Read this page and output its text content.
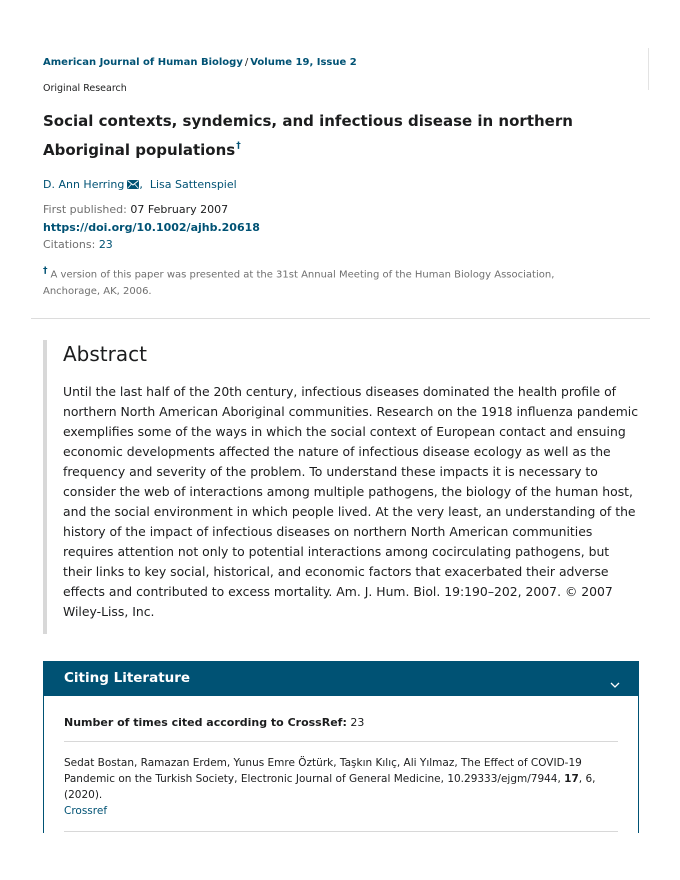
American Journal of Human Biology / Volume 19, Issue 2
Original Research
Social contexts, syndemics, and infectious disease in northern Aboriginal populations†
D. Ann Herring , Lisa Sattenspiel
First published: 07 February 2007
https://doi.org/10.1002/ajhb.20618
Citations: 23
† A version of this paper was presented at the 31st Annual Meeting of the Human Biology Association, Anchorage, AK, 2006.
Abstract

Until the last half of the 20th century, infectious diseases dominated the health profile of northern North American Aboriginal communities. Research on the 1918 influenza pandemic exemplifies some of the ways in which the social context of European contact and ensuing economic developments affected the nature of infectious disease ecology as well as the frequency and severity of the problem. To understand these impacts it is necessary to consider the web of interactions among multiple pathogens, the biology of the human host, and the social environment in which people lived. At the very least, an understanding of the history of the impact of infectious diseases on northern North American communities requires attention not only to potential interactions among cocirculating pathogens, but their links to key social, historical, and economic factors that exacerbated their adverse effects and contributed to excess mortality. Am. J. Hum. Biol. 19:190–202, 2007. © 2007 Wiley-Liss, Inc.

Citing Literature
Number of times cited according to CrossRef: 23
Sedat Bostan, Ramazan Erdem, Yunus Emre Öztürk, Taşkın Kılıç, Ali Yılmaz, The Effect of COVID-19 Pandemic on the Turkish Society, Electronic Journal of General Medicine, 10.29333/ejgm/7944, 17, 6, (2020).
Crossref
